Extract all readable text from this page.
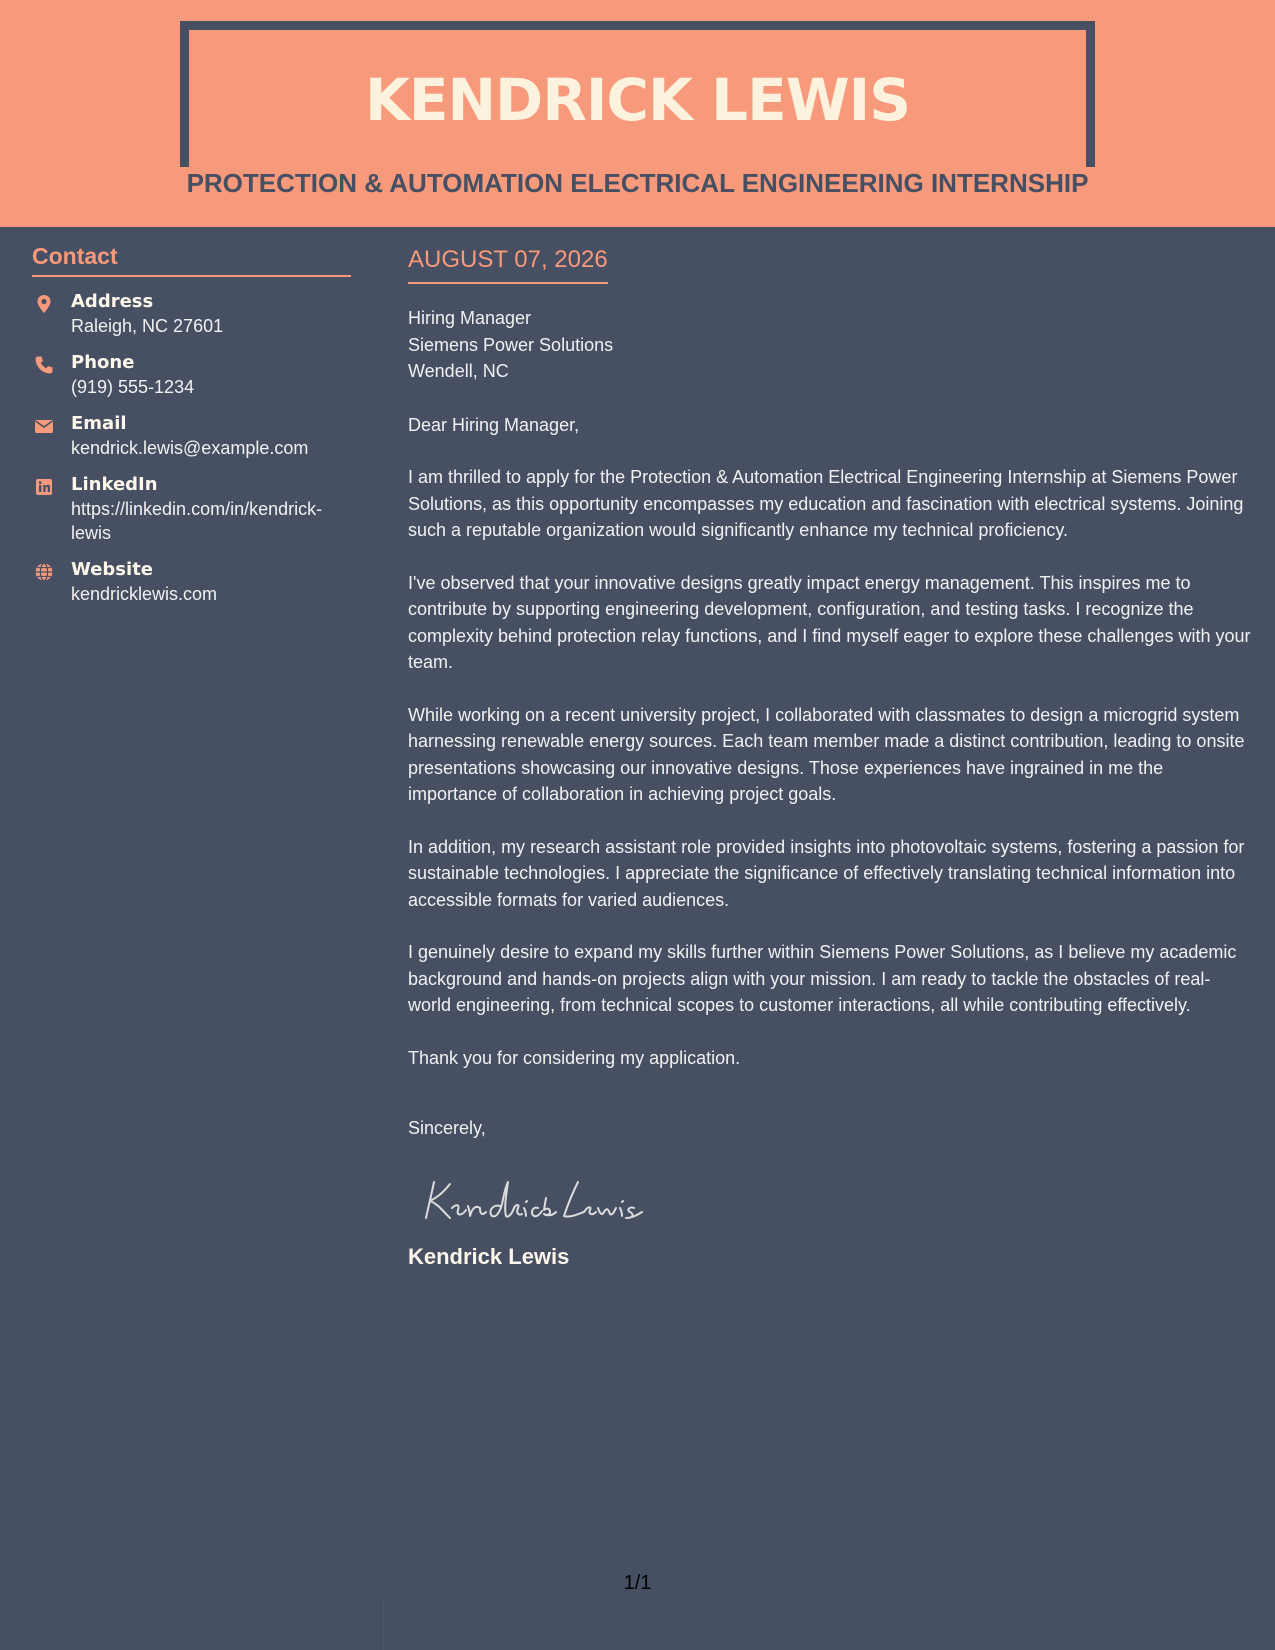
KENDRICK LEWIS
PROTECTION & AUTOMATION ELECTRICAL ENGINEERING INTERNSHIP
Contact
Address
Raleigh, NC 27601
Phone
(919) 555-1234
Email
kendrick.lewis@example.com
LinkedIn
https://linkedin.com/in/kendrick-lewis
Website
kendricklewis.com
AUGUST 07, 2026
Hiring Manager
Siemens Power Solutions
Wendell, NC

Dear Hiring Manager,

I am thrilled to apply for the Protection & Automation Electrical Engineering Internship at Siemens Power Solutions, as this opportunity encompasses my education and fascination with electrical systems. Joining such a reputable organization would significantly enhance my technical proficiency.

I've observed that your innovative designs greatly impact energy management. This inspires me to contribute by supporting engineering development, configuration, and testing tasks. I recognize the complexity behind protection relay functions, and I find myself eager to explore these challenges with your team.

While working on a recent university project, I collaborated with classmates to design a microgrid system harnessing renewable energy sources. Each team member made a distinct contribution, leading to onsite presentations showcasing our innovative designs. Those experiences have ingrained in me the importance of collaboration in achieving project goals.

In addition, my research assistant role provided insights into photovoltaic systems, fostering a passion for sustainable technologies. I appreciate the significance of effectively translating technical information into accessible formats for varied audiences.

I genuinely desire to expand my skills further within Siemens Power Solutions, as I believe my academic background and hands-on projects align with your mission. I am ready to tackle the obstacles of real-world engineering, from technical scopes to customer interactions, all while contributing effectively.

Thank you for considering my application.

Sincerely,

Kendrick Lewis
1/1
